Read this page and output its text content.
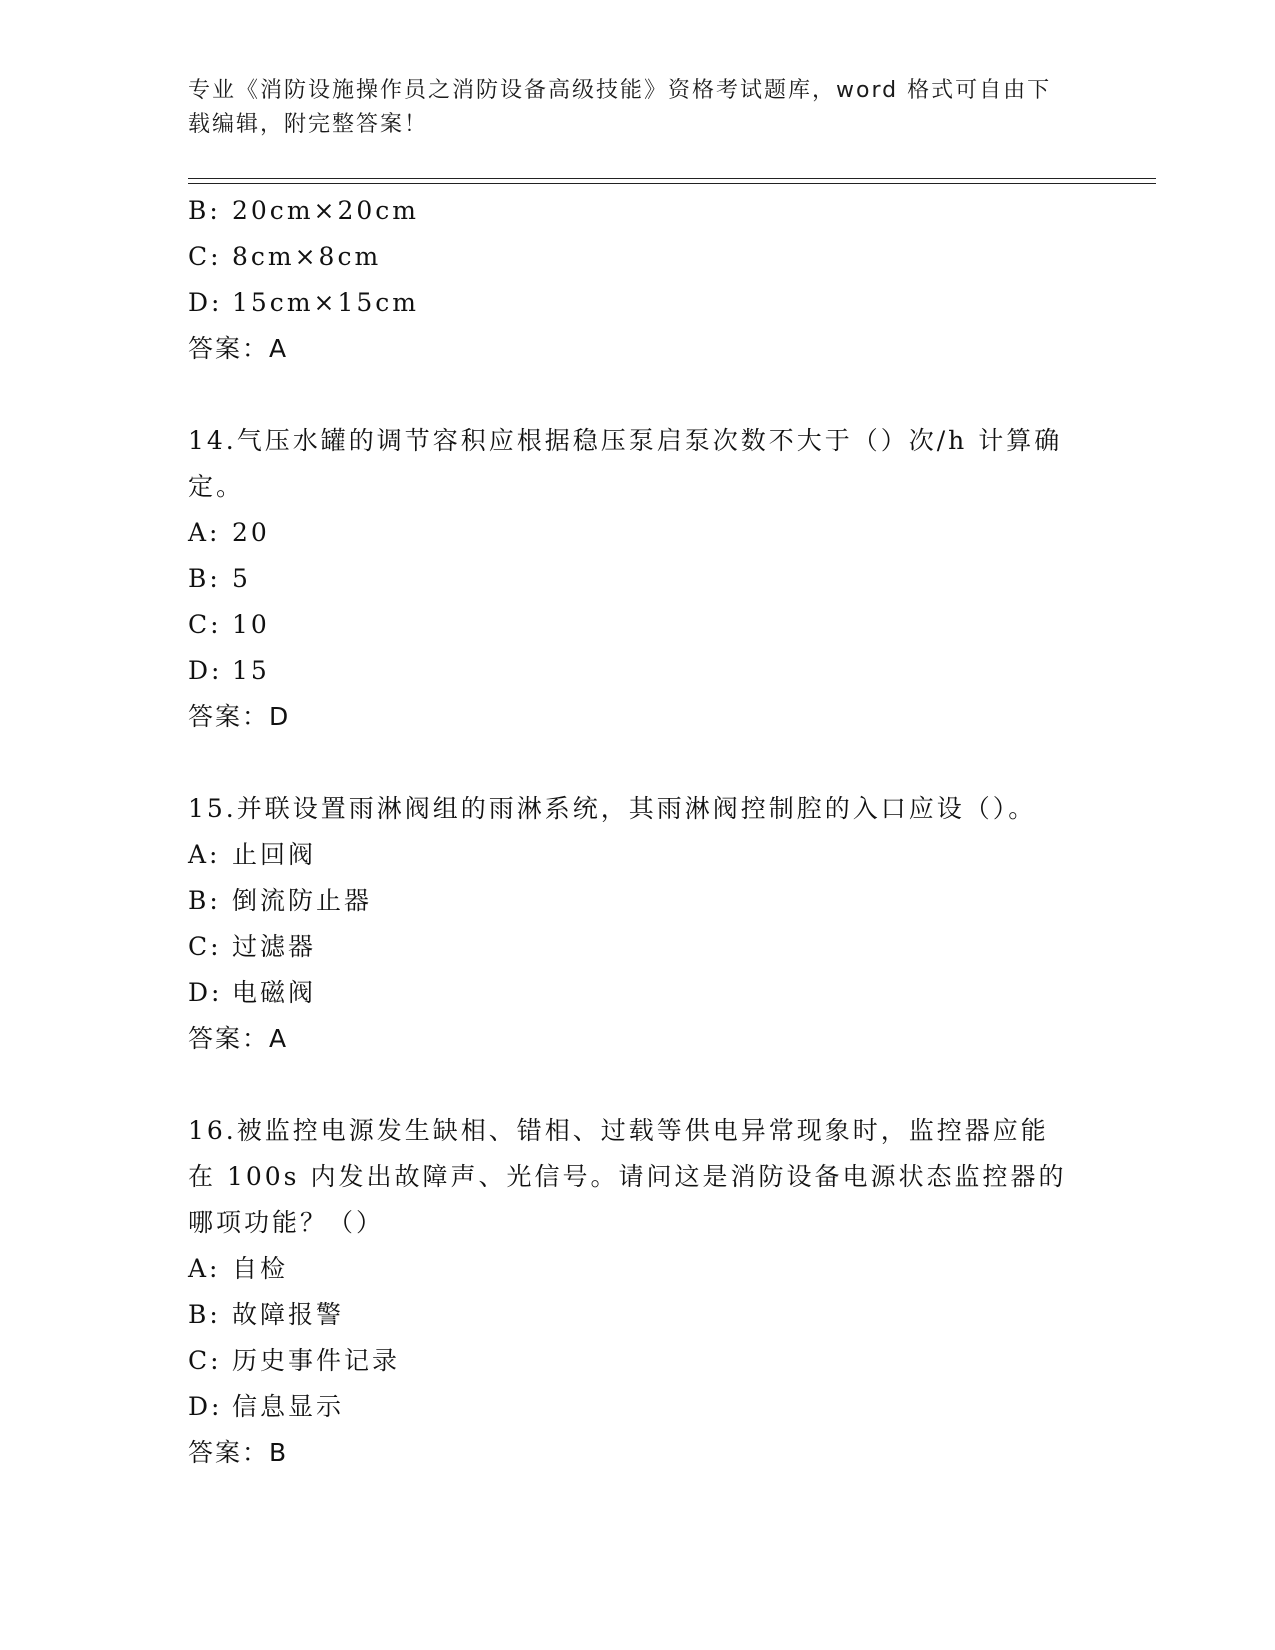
专业《消防设施操作员之消防设备高级技能》资格考试题库，word 格式可自由下
载编辑，附完整答案！
B: 20cm×20cm
C: 8cm×8cm
D: 15cm×15cm
答案：A
14.气压水罐的调节容积应根据稳压泵启泵次数不大于（）次/h 计算确
定。
A: 20
B: 5
C: 10
D: 15
答案：D
15.并联设置雨淋阀组的雨淋系统，其雨淋阀控制腔的入口应设（）。
A: 止回阀
B: 倒流防止器
C: 过滤器
D: 电磁阀
答案：A
16.被监控电源发生缺相、错相、过载等供电异常现象时，监控器应能
在 100s 内发出故障声、光信号。请问这是消防设备电源状态监控器的
哪项功能？（）
A: 自检
B: 故障报警
C: 历史事件记录
D: 信息显示
答案：B
